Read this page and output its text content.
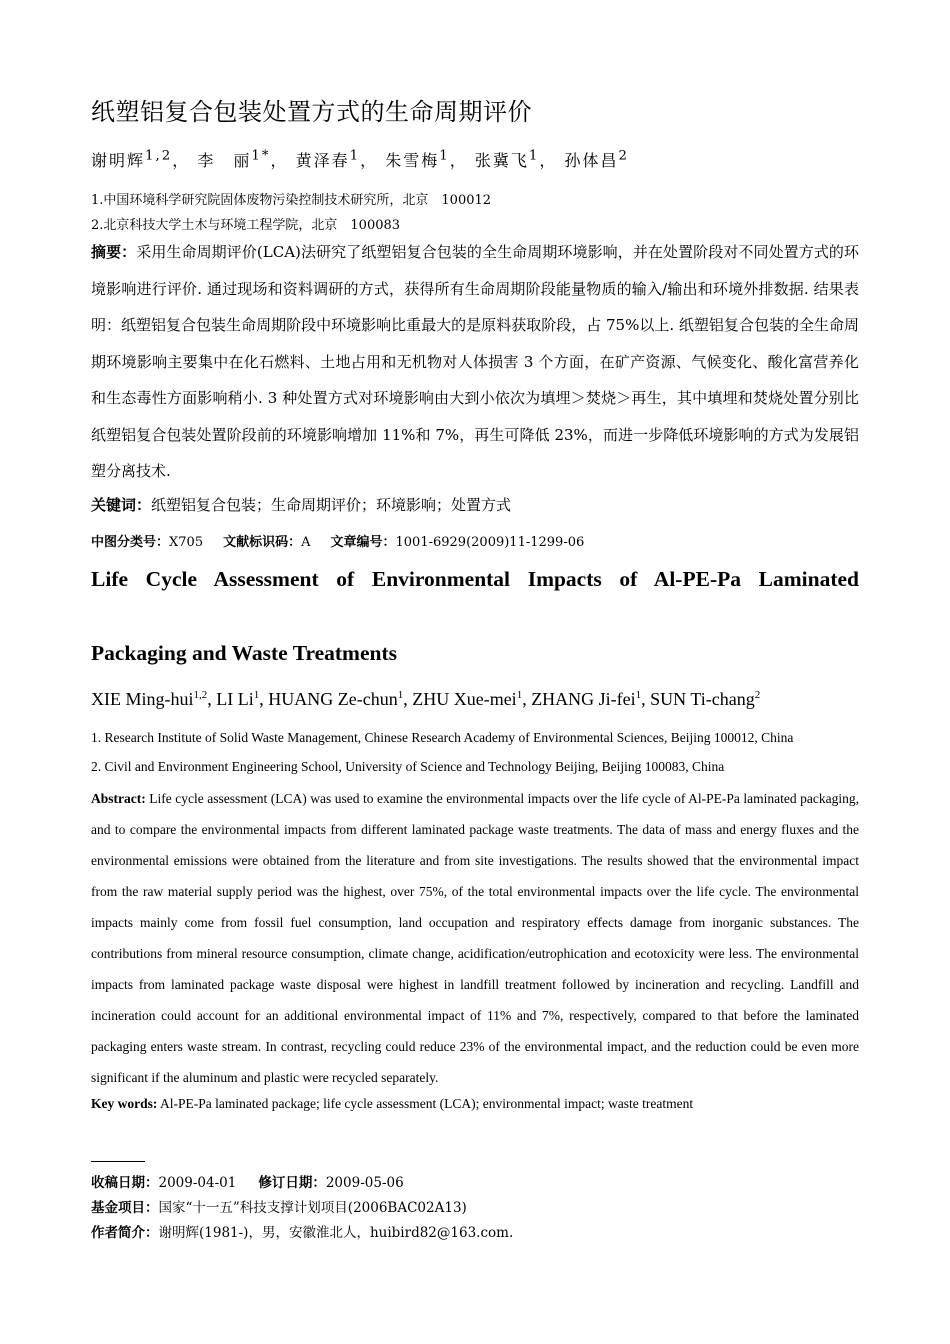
纸塑铝复合包装处置方式的生命周期评价
谢明辉$^{1,2}$， 李　丽$^{1*}$， 黄泽春$^1$， 朱雪梅$^1$， 张冀飞$^1$， 孙体昌$^2$
1.中国环境科学研究院固体废物污染控制技术研究所，北京　100012
2.北京科技大学土木与环境工程学院，北京　100083
摘要：采用生命周期评价(LCA)法研究了纸塑铝复合包装的全生命周期环境影响，并在处置阶段对不同处置方式的环境影响进行评价. 通过现场和资料调研的方式，获得所有生命周期阶段能量物质的输入/输出和环境外排数据. 结果表明：纸塑铝复合包装生命周期阶段中环境影响比重最大的是原料获取阶段，占 75%以上. 纸塑铝复合包装的全生命周期环境影响主要集中在化石燃料、土地占用和无机物对人体损害 3 个方面，在矿产资源、气候变化、酸化富营养化和生态毒性方面影响稍小. 3 种处置方式对环境影响由大到小依次为填埋＞焚烧＞再生，其中填埋和焚烧处置分别比纸塑铝复合包装处置阶段前的环境影响增加 11%和 7%，再生可降低 23%，而进一步降低环境影响的方式为发展铝塑分离技术.
关键词：纸塑铝复合包装；生命周期评价；环境影响；处置方式
中图分类号：X705 文献标识码：A 文章编号：1001-6929(2009)11-1299-06
Life Cycle Assessment of Environmental Impacts of Al-PE-Pa Laminated
Packaging and Waste Treatments
XIE Ming-hui$^{1,2}$, LI Li$^1$, HUANG Ze-chun$^1$, ZHU Xue-mei$^1$, ZHANG Ji-fei$^1$, SUN Ti-chang$^2$
1. Research Institute of Solid Waste Management, Chinese Research Academy of Environmental Sciences, Beijing 100012, China
2. Civil and Environment Engineering School, University of Science and Technology Beijing, Beijing 100083, China
Abstract: Life cycle assessment (LCA) was used to examine the environmental impacts over the life cycle of Al-PE-Pa laminated packaging, and to compare the environmental impacts from different laminated package waste treatments. The data of mass and energy fluxes and the environmental emissions were obtained from the literature and from site investigations. The results showed that the environmental impact from the raw material supply period was the highest, over 75%, of the total environmental impacts over the life cycle. The environmental impacts mainly come from fossil fuel consumption, land occupation and respiratory effects damage from inorganic substances. The contributions from mineral resource consumption, climate change, acidification/eutrophication and ecotoxicity were less. The environmental impacts from laminated package waste disposal were highest in landfill treatment followed by incineration and recycling. Landfill and incineration could account for an additional environmental impact of 11% and 7%, respectively, compared to that before the laminated packaging enters waste stream. In contrast, recycling could reduce 23% of the environmental impact, and the reduction could be even more significant if the aluminum and plastic were recycled separately.
Key words: Al-PE-Pa laminated package; life cycle assessment (LCA); environmental impact; waste treatment
收稿日期：2009-04-01 修订日期：2009-05-06
基金项目：国家“十一五”科技支撑计划项目(2006BAC02A13)
作者简介：谢明辉(1981-)，男，安徽淮北人，huibird82@163.com.
